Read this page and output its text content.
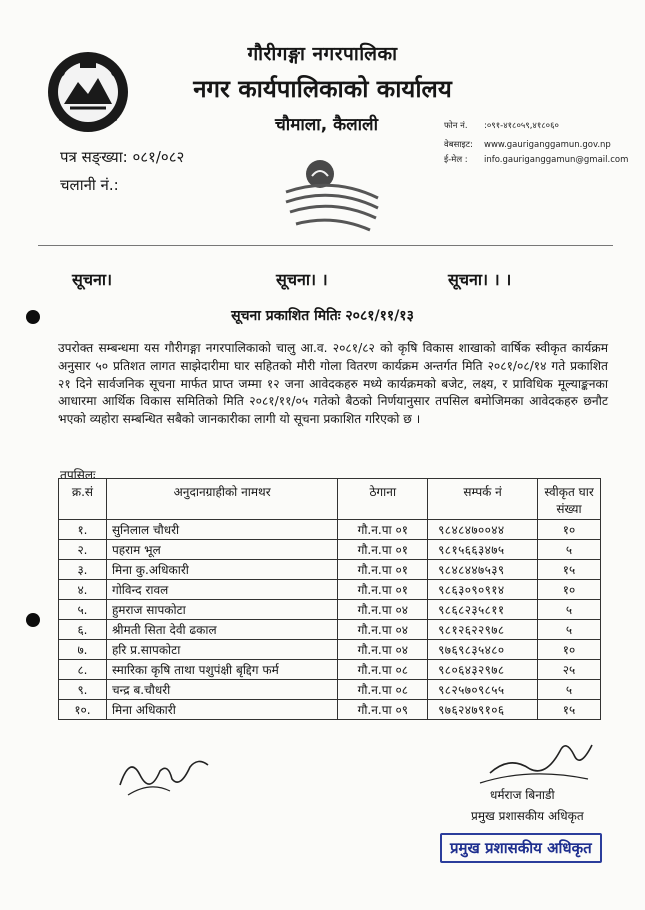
गौरीगङ्गा नगरपालिका
नगर कार्यपालिकाको कार्यालय
चौमाला, कैलाली	फोन नं. :०९१-४१८०५९,४१८०६०
वेबसाइट: www.gauriganggamun.gov.np
ई-मेल : info.gauriganggamun@gmail.com
पत्र सङ्ख्या: ०८१/०८२
चलानी नं.:
सूचना।	सूचना। ।	सूचना। । ।
सूचना प्रकाशित मितिः २०८१/११/१३
उपरोक्त सम्बन्धमा यस गौरीगङ्गा नगरपालिकाको चालु आ.व. २०८१/८२ को कृषि विकास शाखाको वार्षिक स्वीकृत कार्यक्रम अनुसार ५० प्रतिशत लागत साझेदारीमा घार सहितको मौरी गोला वितरण कार्यक्रम अन्तर्गत मिति २०८१/०८/१४ गते प्रकाशित २१ दिने सार्वजनिक सूचना मार्फत प्राप्त जम्मा १२ जना आवेदकहरु मध्ये कार्यक्रमको बजेट, लक्ष्य, र प्राविधिक मूल्याङ्कनका आधारमा आर्थिक विकास समितिको मिति २०८१/११/०५ गतेको बैठको निर्णयानुसार तपसिल बमोजिमका आवेदकहरु छनौट भएको व्यहोरा सम्बन्धित सबैको जानकारीका लागी यो सूचना प्रकाशित गरिएको छ ।
तपसिलः
क्र.सं	अनुदानग्राहीको नामथर	ठेगाना	सम्पर्क नं	स्वीकृत घार संख्या
१.	सुनिलाल चौधरी	गौ.न.पा ०१	९८४८४७००४४	१०
२.	पहराम भूल	गौ.न.पा ०१	९८१५६६३४७५	५
३.	मिना कु.अधिकारी	गौ.न.पा ०१	९८४८४४७५३९	१५
४.	गोविन्द रावल	गौ.न.पा ०१	९८६३०९०९१४	१०
५.	हुमराज सापकोटा	गौ.न.पा ०४	९८६८२३५८११	५
६.	श्रीमती सिता देवी ढकाल	गौ.न.पा ०४	९८१२६२२९७८	५
७.	हरि प्र.सापकोटा	गौ.न.पा ०४	९७६९८३५४८०	१०
८.	स्मारिका कृषि ताथा पशुपंक्षी बृद्दिग फर्म	गौ.न.पा ०८	९८०६४३२९७८	२५
९.	चन्द्र ब.चौधरी	गौ.न.पा ०८	९८२५७०९८५५	५
१०.	मिना अधिकारी	गौ.न.पा ०९	९७६२४७९१०६	१५
धर्मराज बिनाडी
प्रमुख प्रशासकीय अधिकृत
प्रमुख प्रशासकीय अधिकृत
